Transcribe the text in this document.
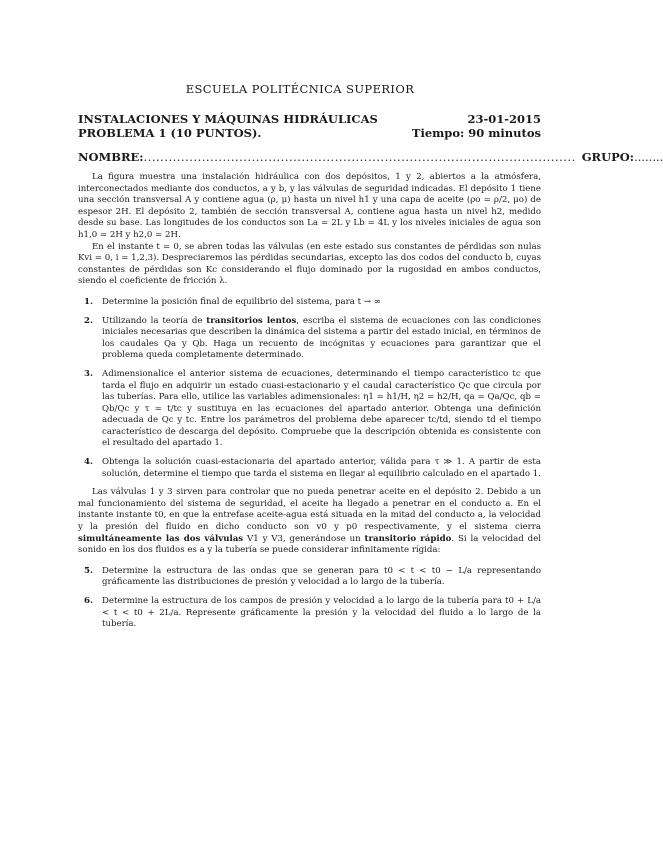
ESCUELA POLITÉCNICA SUPERIOR
INSTALACIONES Y MÁQUINAS HIDRÁULICAS	23-01-2015
PROBLEMA 1 (10 PUNTOS).	Tiempo: 90 minutos
NOMBRE: ........................................................................................................ GRUPO: ........

La figura muestra una instalación hidráulica con dos depósitos, 1 y 2, abiertos a la atmósfera, interconectados mediante dos conductos, a y b, y las válvulas de seguridad indicadas. El depósito 1 tiene una sección transversal A y contiene agua (ρ, μ) hasta un nivel h1 y una capa de aceite (ρo = ρ/2, μo) de espesor 2H. El depósito 2, también de sección transversal A, contiene agua hasta un nivel h2, medido desde su base. Las longitudes de los conductos son La = 2L y Lb = 4L y los niveles iniciales de agua son h1,0 = 2H y h2,0 = 2H.

En el instante t = 0, se abren todas las válvulas (en este estado sus constantes de pérdidas son nulas Kvi = 0, i = 1,2,3). Despreciaremos las pérdidas secundarias, excepto las dos codos del conducto b, cuyas constantes de pérdidas son Kc considerando el flujo dominado por la rugosidad en ambos conductos, siendo el coeficiente de fricción λ.

1.	Determine la posición final de equilibrio del sistema, para t → ∞
2.	Utilizando la teoría de transitorios lentos, escriba el sistema de ecuaciones con las condiciones iniciales necesarias que describen la dinámica del sistema a partir del estado inicial, en términos de los caudales Qa y Qb. Haga un recuento de incógnitas y ecuaciones para garantizar que el problema queda completamente determinado.
3.	Adimensionalice el anterior sistema de ecuaciones, determinando el tiempo característico tc que tarda el flujo en adquirir un estado cuasi-estacionario y el caudal característico Qc que circula por las tuberías. Para ello, utilice las variables adimensionales: η1 = h1/H, η2 = h2/H, qa = Qa/Qc, qb = Qb/Qc y τ = t/tc y sustituya en las ecuaciones del apartado anterior. Obtenga una definición adecuada de Qc y tc. Entre los parámetros del problema debe aparecer tc/td, siendo td el tiempo característico de descarga del depósito. Compruebe que la descripción obtenida es consistente con el resultado del apartado 1.
4.	Obtenga la solución cuasi-estacionaria del apartado anterior, válida para τ ≫ 1. A partir de esta solución, determine el tiempo que tarda el sistema en llegar al equilibrio calculado en el apartado 1.

Las válvulas 1 y 3 sirven para controlar que no pueda penetrar aceite en el depósito 2. Debido a un mal funcionamiento del sistema de seguridad, el aceite ha llegado a penetrar en el conducto a. En el instante instante t0, en que la entrefase aceite-agua está situada en la mitad del conducto a, la velocidad y la presión del fluido en dicho conducto son v0 y p0 respectivamente, y el sistema cierra simultáneamente las dos válvulas V1 y V3, generándose un transitorio rápido. Si la velocidad del sonido en los dos fluidos es a y la tubería se puede considerar infinitamente rígida:

5.	Determine la estructura de las ondas que se generan para t0 < t < t0 − L/a representando gráficamente las distribuciones de presión y velocidad a lo largo de la tubería.
6.	Determine la estructura de los campos de presión y velocidad a lo largo de la tubería para t0 + L/a < t < t0 + 2L/a. Represente gráficamente la presión y la velocidad del fluido a lo largo de la tubería.
